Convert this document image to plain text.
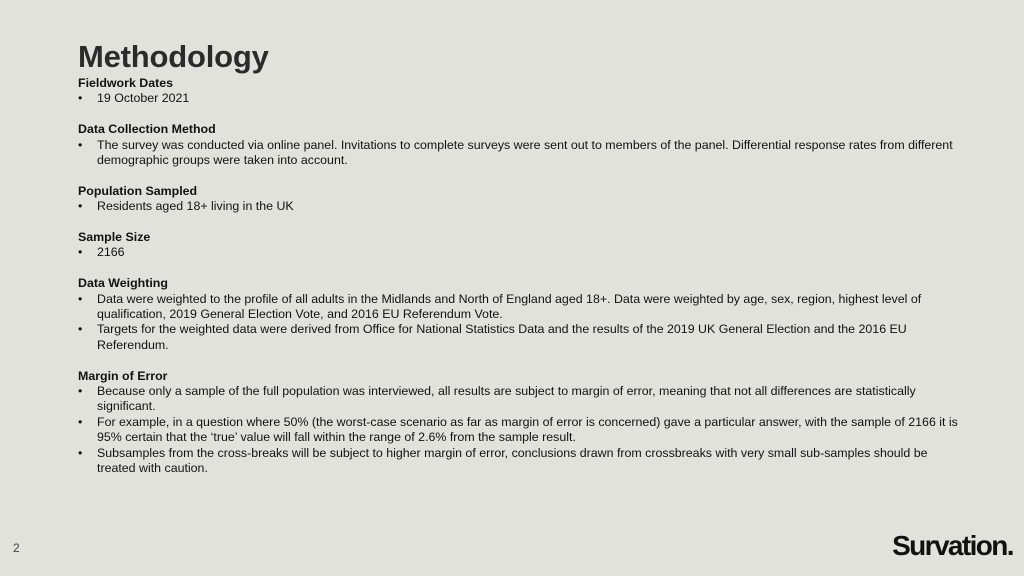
Methodology

Fieldwork Dates

• 19 October 2021

Data Collection Method

• The survey was conducted via online panel. Invitations to complete surveys were sent out to members of the panel. Differential response rates from different demographic groups were taken into account.

Population Sampled

• Residents aged 18+ living in the UK

Sample Size

• 2166

Data Weighting

• Data were weighted to the profile of all adults in the Midlands and North of England aged 18+. Data were weighted by age, sex, region, highest level of qualification, 2019 General Election Vote, and 2016 EU Referendum Vote.
• Targets for the weighted data were derived from Office for National Statistics Data and the results of the 2019 UK General Election and the 2016 EU Referendum.

Margin of Error

• Because only a sample of the full population was interviewed, all results are subject to margin of error, meaning that not all differences are statistically significant.
• For example, in a question where 50% (the worst-case scenario as far as margin of error is concerned) gave a particular answer, with the sample of 2166 it is 95% certain that the ‘true’ value will fall within the range of 2.6% from the sample result.
• Subsamples from the cross-breaks will be subject to higher margin of error, conclusions drawn from crossbreaks with very small sub-samples should be treated with caution.
2	Survation.
